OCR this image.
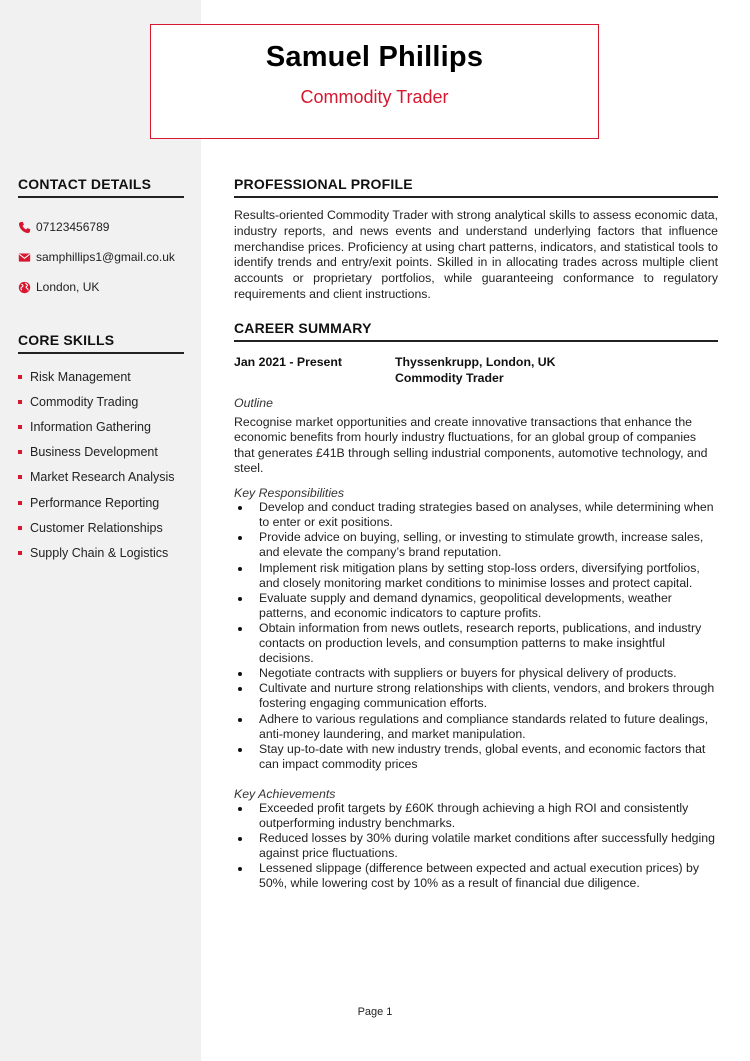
Samuel Phillips
Commodity Trader
CONTACT DETAILS
07123456789
samphillips1@gmail.co.uk
London, UK
CORE SKILLS
Risk Management
Commodity Trading
Information Gathering
Business Development
Market Research Analysis
Performance Reporting
Customer Relationships
Supply Chain & Logistics
PROFESSIONAL PROFILE

Results-oriented Commodity Trader with strong analytical skills to assess economic data, industry reports, and news events and understand underlying factors that influence merchandise prices. Proficiency at using chart patterns, indicators, and statistical tools to identify trends and entry/exit points. Skilled in in allocating trades across multiple client accounts or proprietary portfolios, while guaranteeing conformance to regulatory requirements and client instructions.

CAREER SUMMARY
Jan 2021 - Present	Thyssenkrupp, London, UK
Commodity Trader
Outline

Recognise market opportunities and create innovative transactions that enhance the economic benefits from hourly industry fluctuations, for an global group of companies that generates £41B through selling industrial components, automotive technology, and steel.

Key Responsibilities
Develop and conduct trading strategies based on analyses, while determining when to enter or exit positions.
Provide advice on buying, selling, or investing to stimulate growth, increase sales, and elevate the company’s brand reputation.
Implement risk mitigation plans by setting stop-loss orders, diversifying portfolios, and closely monitoring market conditions to minimise losses and protect capital.
Evaluate supply and demand dynamics, geopolitical developments, weather patterns, and economic indicators to capture profits.
Obtain information from news outlets, research reports, publications, and industry contacts on production levels, and consumption patterns to make insightful decisions.
Negotiate contracts with suppliers or buyers for physical delivery of products.
Cultivate and nurture strong relationships with clients, vendors, and brokers through fostering engaging communication efforts.
Adhere to various regulations and compliance standards related to future dealings, anti-money laundering, and market manipulation.
Stay up-to-date with new industry trends, global events, and economic factors that can impact commodity prices
Key Achievements
Exceeded profit targets by £60K through achieving a high ROI and consistently outperforming industry benchmarks.
Reduced losses by 30% during volatile market conditions after successfully hedging against price fluctuations.
Lessened slippage (difference between expected and actual execution prices) by 50%, while lowering cost by 10% as a result of financial due diligence.
Page 1
